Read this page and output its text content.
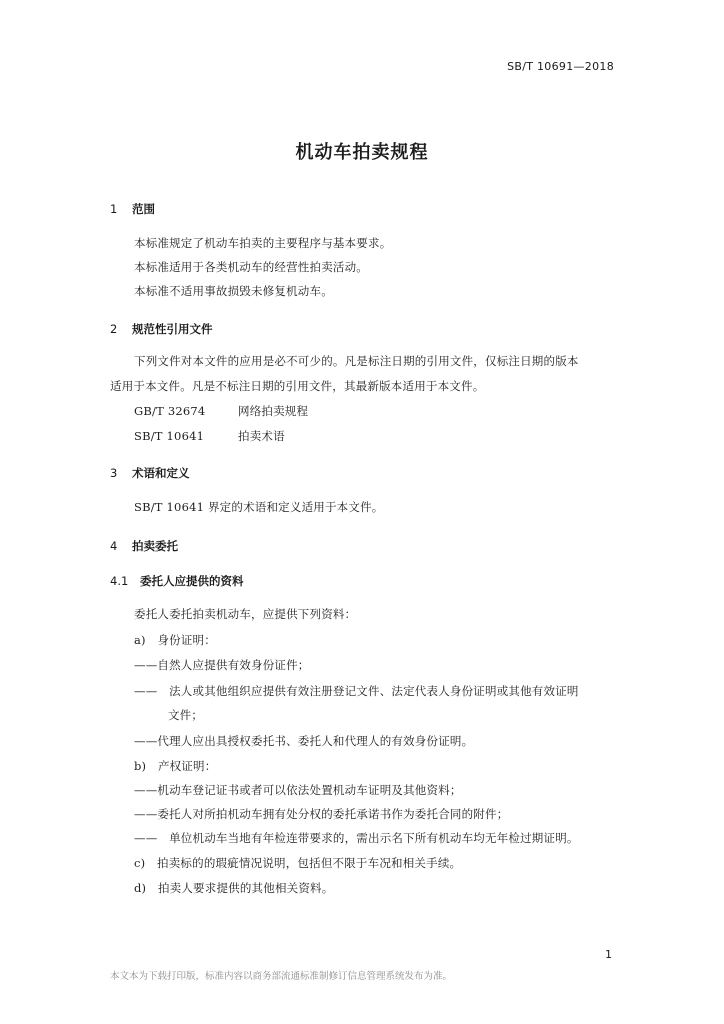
SB/T 10691—2018
机动车拍卖规程
1 范围
本标准规定了机动车拍卖的主要程序与基本要求。
本标准适用于各类机动车的经营性拍卖活动。
本标准不适用事故损毁未修复机动车。
2 规范性引用文件
下列文件对本文件的应用是必不可少的。凡是标注日期的引用文件，仅标注日期的版本
适用于本文件。凡是不标注日期的引用文件，其最新版本适用于本文件。
GB/T 32674	网络拍卖规程
SB/T 10641	拍卖术语
3 术语和定义
SB/T 10641 界定的术语和定义适用于本文件。
4 拍卖委托
4.1 委托人应提供的资料
委托人委托拍卖机动车，应提供下列资料：
a)　身份证明：
——自然人应提供有效身份证件；
——　法人或其他组织应提供有效注册登记文件、法定代表人身份证明或其他有效证明
文件；
——代理人应出具授权委托书、委托人和代理人的有效身份证明。
b)　产权证明：
——机动车登记证书或者可以依法处置机动车证明及其他资料；
——委托人对所拍机动车拥有处分权的委托承诺书作为委托合同的附件；
——　单位机动车当地有年检连带要求的，需出示名下所有机动车均无年检过期证明。
c)　拍卖标的的瑕疵情况说明，包括但不限于车况和相关手续。
d)　拍卖人要求提供的其他相关资料。
1
本文本为下载打印版，标准内容以商务部流通标准制修订信息管理系统发布为准。
